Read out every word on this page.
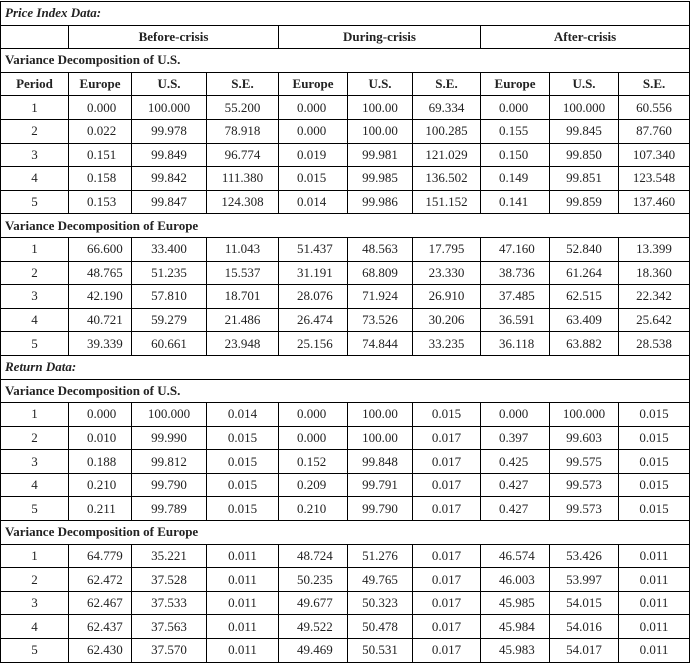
Price Index Data:									
	Before-crisis			During-crisis			After-crisis		
Variance Decomposition of U.S.									
Period	Europe	U.S.	S.E.	Europe	U.S.	S.E.	Europe	U.S.	S.E.
1	0.000	100.000	55.200	0.000	100.00	69.334	0.000	100.000	60.556
2	0.022	99.978	78.918	0.000	100.00	100.285	0.155	99.845	87.760
3	0.151	99.849	96.774	0.019	99.981	121.029	0.150	99.850	107.340
4	0.158	99.842	111.380	0.015	99.985	136.502	0.149	99.851	123.548
5	0.153	99.847	124.308	0.014	99.986	151.152	0.141	99.859	137.460
Variance Decomposition of Europe									
1	66.600	33.400	11.043	51.437	48.563	17.795	47.160	52.840	13.399
2	48.765	51.235	15.537	31.191	68.809	23.330	38.736	61.264	18.360
3	42.190	57.810	18.701	28.076	71.924	26.910	37.485	62.515	22.342
4	40.721	59.279	21.486	26.474	73.526	30.206	36.591	63.409	25.642
5	39.339	60.661	23.948	25.156	74.844	33.235	36.118	63.882	28.538
Return Data:									
Variance Decomposition of U.S.									
1	0.000	100.000	0.014	0.000	100.00	0.015	0.000	100.000	0.015
2	0.010	99.990	0.015	0.000	100.00	0.017	0.397	99.603	0.015
3	0.188	99.812	0.015	0.152	99.848	0.017	0.425	99.575	0.015
4	0.210	99.790	0.015	0.209	99.791	0.017	0.427	99.573	0.015
5	0.211	99.789	0.015	0.210	99.790	0.017	0.427	99.573	0.015
Variance Decomposition of Europe									
1	64.779	35.221	0.011	48.724	51.276	0.017	46.574	53.426	0.011
2	62.472	37.528	0.011	50.235	49.765	0.017	46.003	53.997	0.011
3	62.467	37.533	0.011	49.677	50.323	0.017	45.985	54.015	0.011
4	62.437	37.563	0.011	49.522	50.478	0.017	45.984	54.016	0.011
5	62.430	37.570	0.011	49.469	50.531	0.017	45.983	54.017	0.011
